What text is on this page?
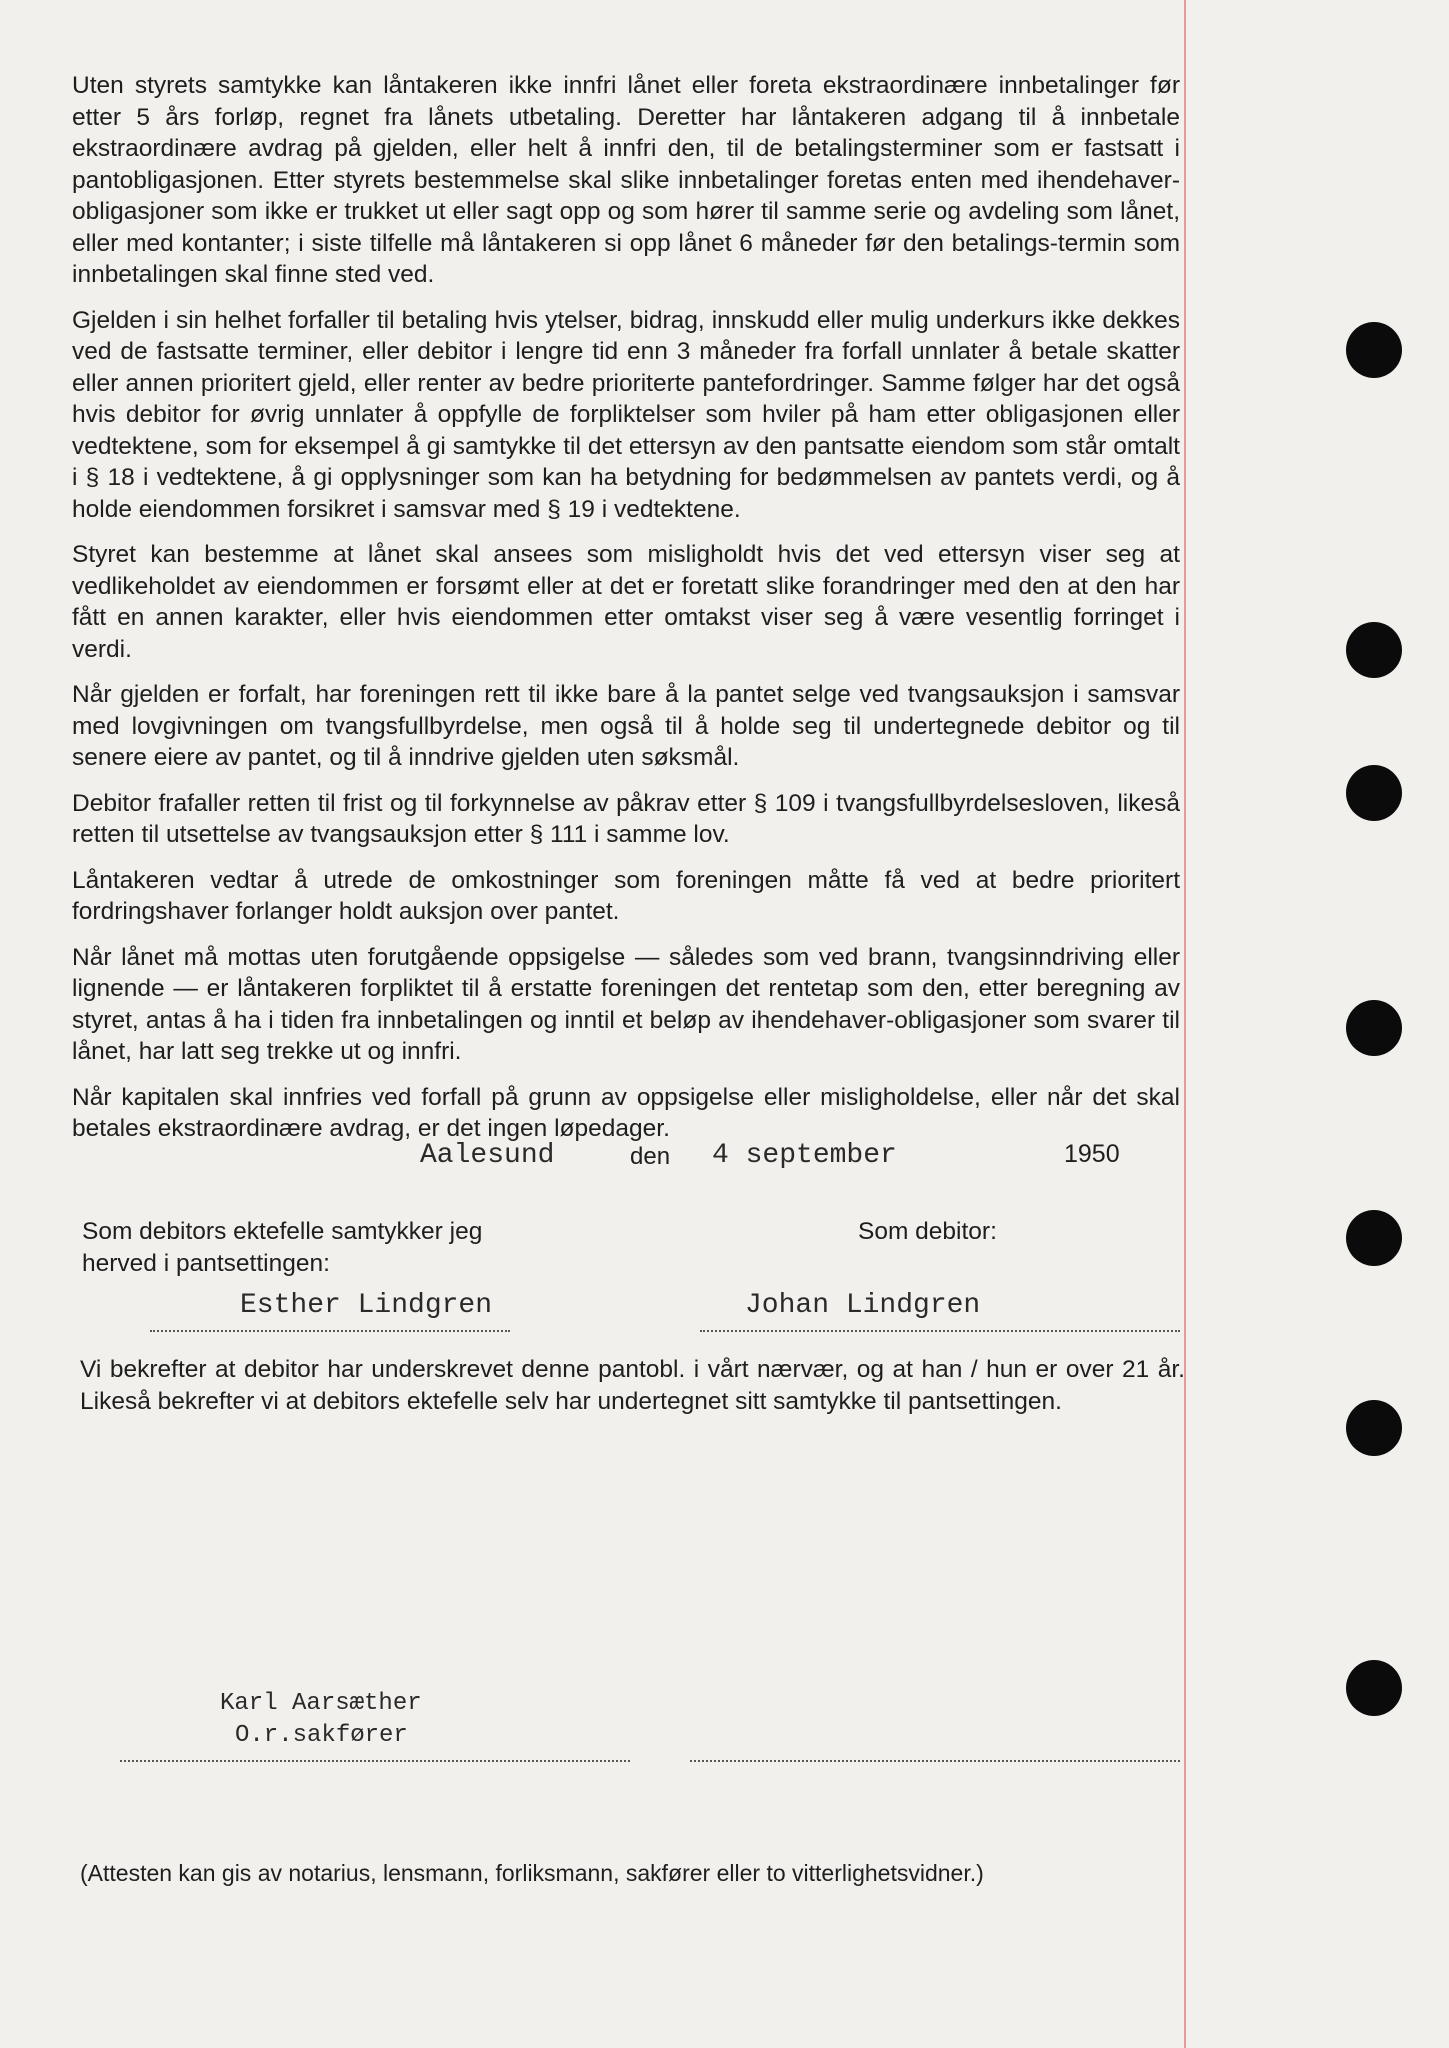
Uten styrets samtykke kan låntakeren ikke innfri lånet eller foreta ekstraordinære innbetalinger før etter 5 års forløp, regnet fra lånets utbetaling. Deretter har låntakeren adgang til å innbetale ekstraordinære avdrag på gjelden, eller helt å innfri den, til de betalingsterminer som er fastsatt i pantobligasjonen. Etter styrets bestemmelse skal slike innbetalinger foretas enten med ihendehaver-obligasjoner som ikke er trukket ut eller sagt opp og som hører til samme serie og avdeling som lånet, eller med kontanter; i siste tilfelle må låntakeren si opp lånet 6 måneder før den betalings-termin som innbetalingen skal finne sted ved.

Gjelden i sin helhet forfaller til betaling hvis ytelser, bidrag, innskudd eller mulig underkurs ikke dekkes ved de fastsatte terminer, eller debitor i lengre tid enn 3 måneder fra forfall unnlater å betale skatter eller annen prioritert gjeld, eller renter av bedre prioriterte pantefordringer. Samme følger har det også hvis debitor for øvrig unnlater å oppfylle de forpliktelser som hviler på ham etter obligasjonen eller vedtektene, som for eksempel å gi samtykke til det ettersyn av den pantsatte eiendom som står omtalt i § 18 i vedtektene, å gi opplysninger som kan ha betydning for bedømmelsen av pantets verdi, og å holde eiendommen forsikret i samsvar med § 19 i vedtektene.

Styret kan bestemme at lånet skal ansees som misligholdt hvis det ved ettersyn viser seg at vedlikeholdet av eiendommen er forsømt eller at det er foretatt slike forandringer med den at den har fått en annen karakter, eller hvis eiendommen etter omtakst viser seg å være vesentlig forringet i verdi.

Når gjelden er forfalt, har foreningen rett til ikke bare å la pantet selge ved tvangsauksjon i samsvar med lovgivningen om tvangsfullbyrdelse, men også til å holde seg til undertegnede debitor og til senere eiere av pantet, og til å inndrive gjelden uten søksmål.

Debitor frafaller retten til frist og til forkynnelse av påkrav etter § 109 i tvangsfullbyrdelsesloven, likeså retten til utsettelse av tvangsauksjon etter § 111 i samme lov.

Låntakeren vedtar å utrede de omkostninger som foreningen måtte få ved at bedre prioritert fordringshaver forlanger holdt auksjon over pantet.

Når lånet må mottas uten forutgående oppsigelse — således som ved brann, tvangsinndriving eller lignende — er låntakeren forpliktet til å erstatte foreningen det rentetap som den, etter beregning av styret, antas å ha i tiden fra innbetalingen og inntil et beløp av ihendehaver-obligasjoner som svarer til lånet, har latt seg trekke ut og innfri.

Når kapitalen skal innfries ved forfall på grunn av oppsigelse eller misligholdelse, eller når det skal betales ekstraordinære avdrag, er det ingen løpedager.

Aalesund	den 4 september	1950
Som debitors ektefelle samtykker jeg herved i pantsettingen:
Som debitor:
Esther Lindgren	Johan Lindgren
Vi bekrefter at debitor har underskrevet denne pantobl. i vårt nærvær, og at han / hun er over 21 år. Likeså bekrefter vi at debitors ektefelle selv har undertegnet sitt samtykke til pantsettingen.
Karl Aarsæther
O.r.sakfører
(Attesten kan gis av notarius, lensmann, forliksmann, sakfører eller to vitterlighetsvidner.)
